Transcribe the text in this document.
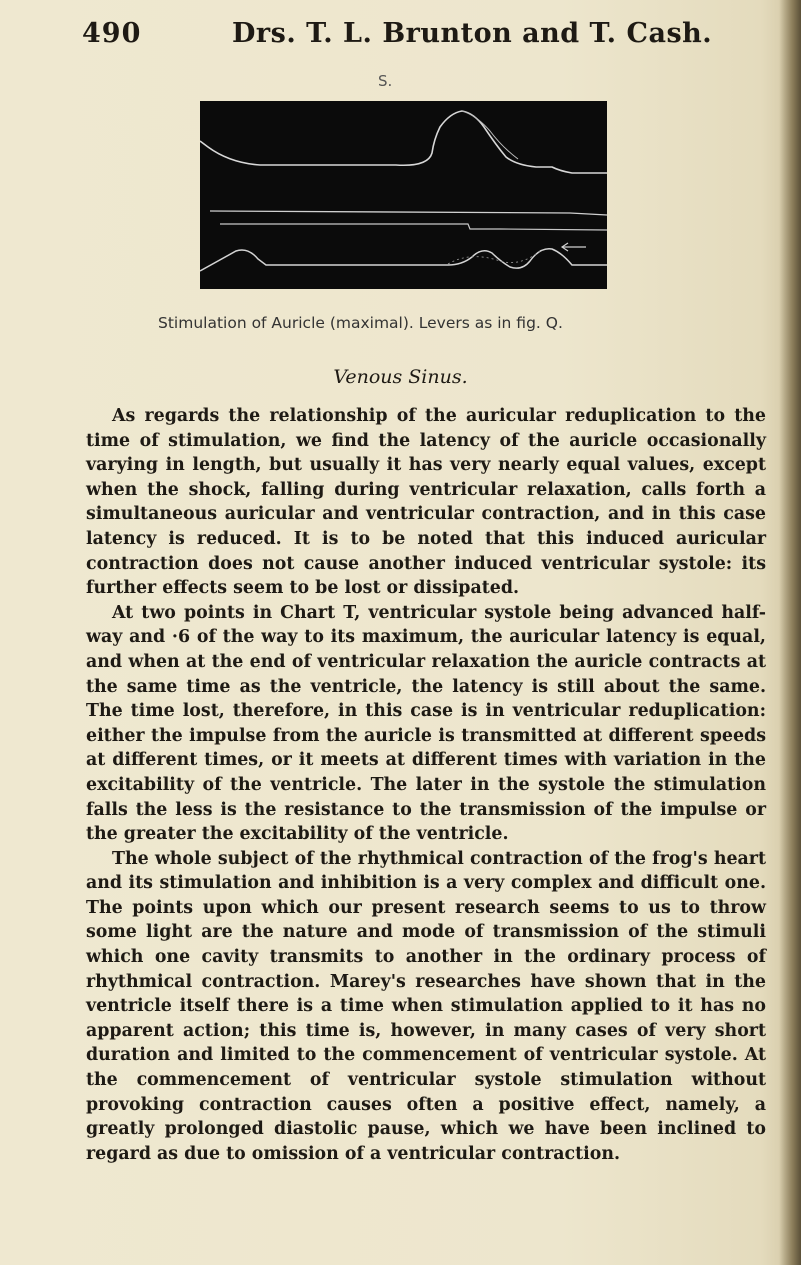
490	Drs. T. L. Brunton and T. Cash.
S.
Stimulation of Auricle (maximal). Levers as in fig. Q.
Venous Sinus.

As regards the relationship of the auricular reduplication to the time of stimulation, we find the latency of the auricle occasionally varying in length, but usually it has very nearly equal values, except when the shock, falling during ventricular relaxation, calls forth a simultaneous auricular and ventricular contraction, and in this case latency is reduced. It is to be noted that this induced auricular contraction does not cause another induced ventricular systole: its further effects seem to be lost or dissipated.

At two points in Chart T, ventricular systole being advanced half-way and ·6 of the way to its maximum, the auricular latency is equal, and when at the end of ventricular relaxation the auricle contracts at the same time as the ventricle, the latency is still about the same. The time lost, therefore, in this case is in ventricular reduplication: either the impulse from the auricle is transmitted at different speeds at different times, or it meets at different times with variation in the excitability of the ventricle. The later in the systole the stimulation falls the less is the resistance to the transmission of the impulse or the greater the excitability of the ventricle.

The whole subject of the rhythmical contraction of the frog's heart and its stimulation and inhibition is a very complex and difficult one. The points upon which our present research seems to us to throw some light are the nature and mode of transmission of the stimuli which one cavity transmits to another in the ordinary process of rhythmical contraction. Marey's researches have shown that in the ventricle itself there is a time when stimulation applied to it has no apparent action; this time is, however, in many cases of very short duration and limited to the commencement of ventricular systole. At the commencement of ventricular systole stimulation without provoking contraction causes often a positive effect, namely, a greatly prolonged diastolic pause, which we have been inclined to regard as due to omission of a ventricular contraction.
